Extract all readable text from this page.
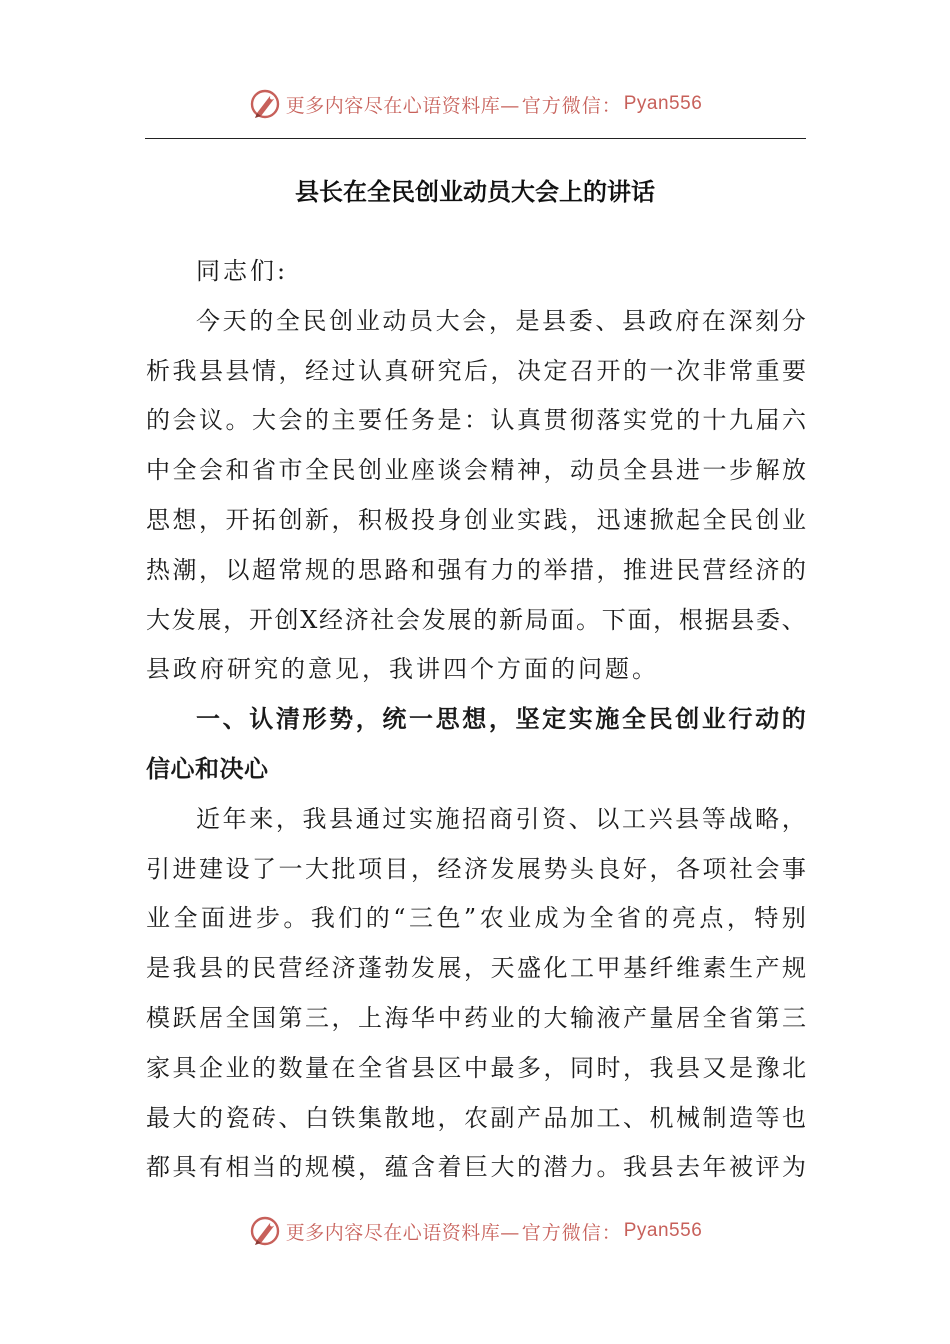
更多内容尽在心语资料库— 官方微信： Pyan556
县长在全民创业动员大会上的讲话
同志们:
今 天 的 全 民 创 业 动 员 大 会 ， 是 县 委 、 县 政 府 在 深 刻 分
析 我 县 县 情 ， 经 过 认 真 研 究 后 ， 决 定 召 开 的 一 次 非 常 重 要
的 会 议 。 大 会 的 主 要 任 务 是 ： 认 真 贯 彻 落 实 党 的 十 九 届 六
中 全 会 和 省 市 全 民 创 业 座 谈 会 精 神 ， 动 员 全 县 进 一 步 解 放
思 想 ， 开 拓 创 新 ， 积 极 投 身 创 业 实 践 ， 迅 速 掀 起 全 民 创 业
热 潮 ， 以 超 常 规 的 思 路 和 强 有 力 的 举 措 ， 推 进 民 营 经 济 的
大 发 展 ， 开 创 X 经 济 社 会 发 展 的 新 局 面 。 下 面 ， 根 据 县 委 、
县政府研究的意见，我讲四个方面的问题。
一 、 认 清 形 势 ， 统 一 思 想 ， 坚 定 实 施 全 民 创 业 行 动 的
信心和决心
近 年 来 ， 我 县 通 过 实 施 招 商 引 资 、 以 工 兴 县 等 战 略 ，
引 进 建 设 了 一 大 批 项 目 ， 经 济 发 展 势 头 良 好 ， 各 项 社 会 事
业 全 面 进 步 。 我 们 的 “ 三 色 ” 农 业 成 为 全 省 的 亮 点 ， 特 别
是 我 县 的 民 营 经 济 蓬 勃 发 展 ， 天 盛 化 工 甲 基 纤 维 素 生 产 规
模 跃 居 全 国 第 三 ， 上 海 华 中 药 业 的 大 输 液 产 量 居 全 省 第 三
家 具 企 业 的 数 量 在 全 省 县 区 中 最 多 ， 同 时 ， 我 县 又 是 豫 北
最 大 的 瓷 砖 、 白 铁 集 散 地 ， 农 副 产 品 加 工 、 机 械 制 造 等 也
都 具 有 相 当 的 规 模 ， 蕴 含 着 巨 大 的 潜 力 。 我 县 去 年 被 评 为
更多内容尽在心语资料库— 官方微信： Pyan556
